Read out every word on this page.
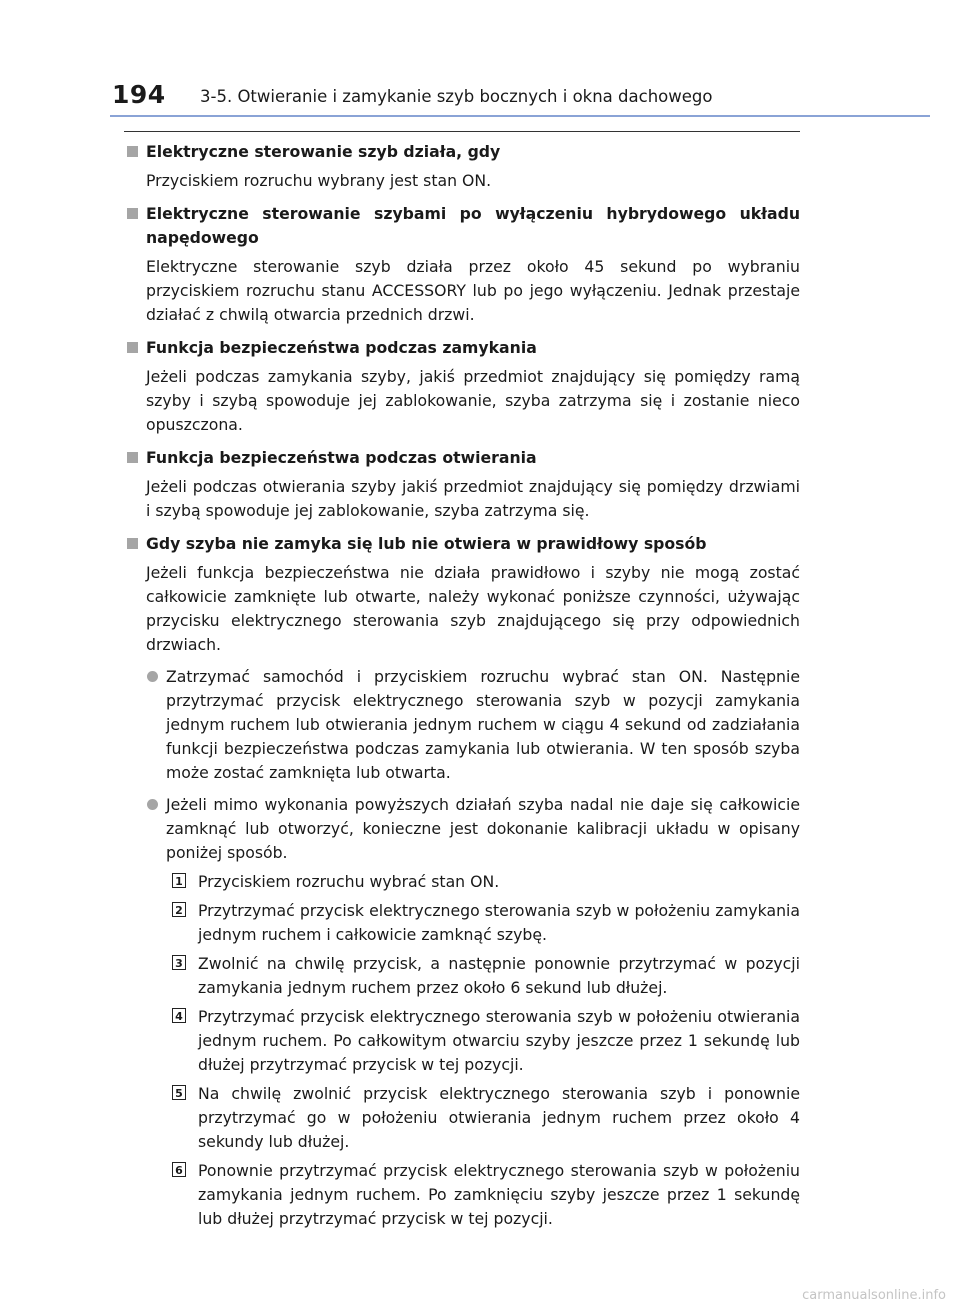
194 3-5. Otwieranie i zamykanie szyb bocznych i okna dachowego
Elektryczne sterowanie szyb działa, gdy
Przyciskiem rozruchu wybrany jest stan ON.
Elektryczne sterowanie szybami po wyłączeniu hybrydowego układu napędowego
Elektryczne sterowanie szyb działa przez około 45 sekund po wybraniu przyciskiem rozruchu stanu ACCESSORY lub po jego wyłączeniu. Jednak przestaje działać z chwilą otwarcia przednich drzwi.
Funkcja bezpieczeństwa podczas zamykania
Jeżeli podczas zamykania szyby, jakiś przedmiot znajdujący się pomiędzy ramą szyby i szybą spowoduje jej zablokowanie, szyba zatrzyma się i zostanie nieco opuszczona.
Funkcja bezpieczeństwa podczas otwierania
Jeżeli podczas otwierania szyby jakiś przedmiot znajdujący się pomiędzy drzwiami i szybą spowoduje jej zablokowanie, szyba zatrzyma się.
Gdy szyba nie zamyka się lub nie otwiera w prawidłowy sposób
Jeżeli funkcja bezpieczeństwa nie działa prawidłowo i szyby nie mogą zostać całkowicie zamknięte lub otwarte, należy wykonać poniższe czynności, używając przycisku elektrycznego sterowania szyb znajdującego się przy odpowiednich drzwiach.
Zatrzymać samochód i przyciskiem rozruchu wybrać stan ON. Następnie przytrzymać przycisk elektrycznego sterowania szyb w pozycji zamykania jednym ruchem lub otwierania jednym ruchem w ciągu 4 sekund od zadziałania funkcji bezpieczeństwa podczas zamykania lub otwierania. W ten sposób szyba może zostać zamknięta lub otwarta.
Jeżeli mimo wykonania powyższych działań szyba nadal nie daje się całkowicie zamknąć lub otworzyć, konieczne jest dokonanie kalibracji układu w opisany poniżej sposób.
1 Przyciskiem rozruchu wybrać stan ON.
2 Przytrzymać przycisk elektrycznego sterowania szyb w położeniu zamykania jednym ruchem i całkowicie zamknąć szybę.
3 Zwolnić na chwilę przycisk, a następnie ponownie przytrzymać w pozycji zamykania jednym ruchem przez około 6 sekund lub dłużej.
4 Przytrzymać przycisk elektrycznego sterowania szyb w położeniu otwierania jednym ruchem. Po całkowitym otwarciu szyby jeszcze przez 1 sekundę lub dłużej przytrzymać przycisk w tej pozycji.
5 Na chwilę zwolnić przycisk elektrycznego sterowania szyb i ponownie przytrzymać go w położeniu otwierania jednym ruchem przez około 4 sekundy lub dłużej.
6 Ponownie przytrzymać przycisk elektrycznego sterowania szyb w położeniu zamykania jednym ruchem. Po zamknięciu szyby jeszcze przez 1 sekundę lub dłużej przytrzymać przycisk w tej pozycji.
carmanualsonline.info
